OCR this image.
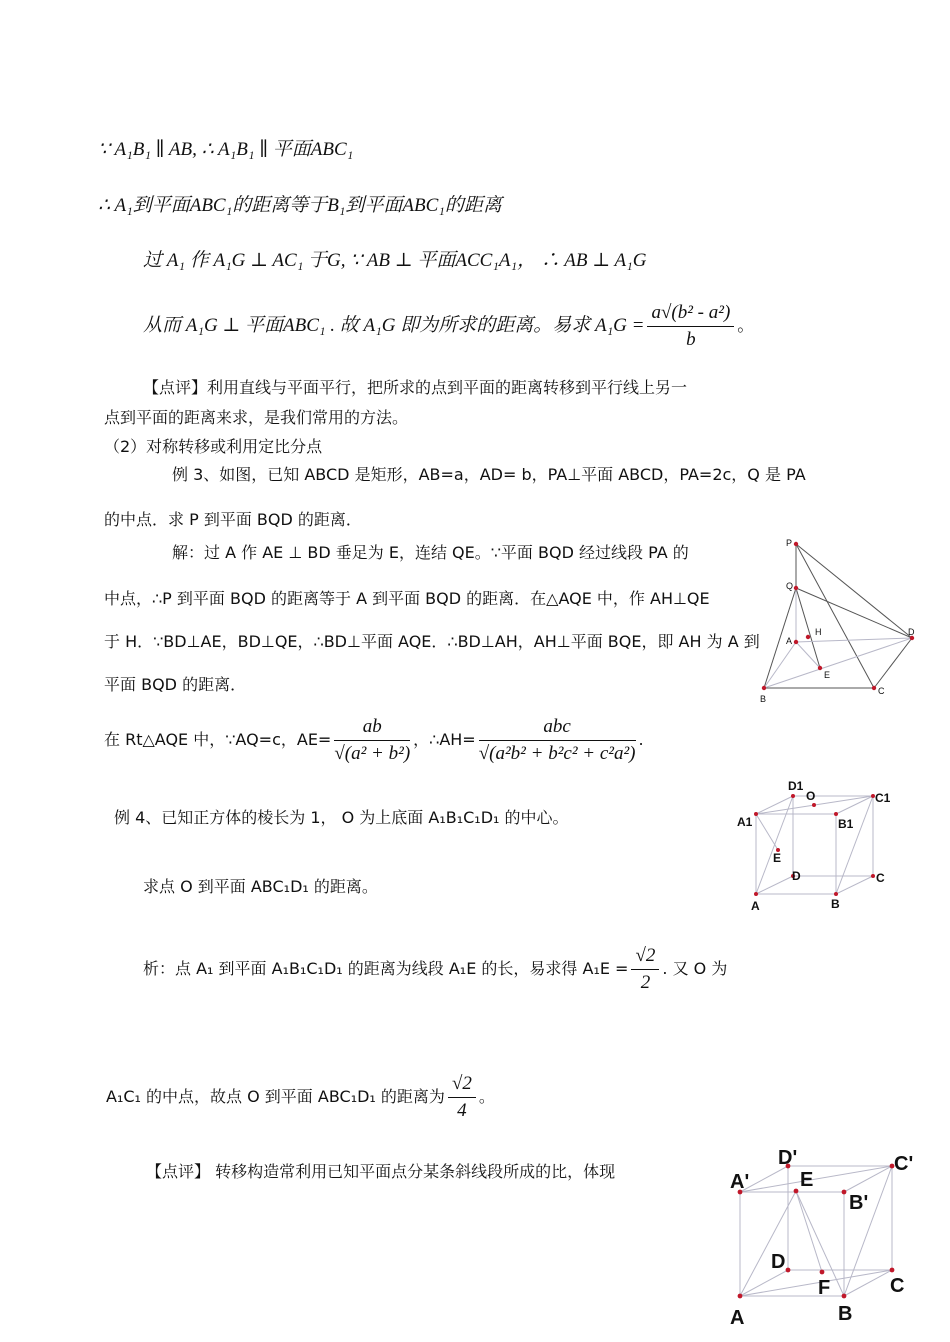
∵ A₁B₁ ∥ AB, ∴ A₁B₁ ∥ 平面ABC₁
∴ A₁到平面ABC₁的距离等于B₁到平面ABC₁的距离
过 A₁ 作 A₁G ⊥ AC₁ 于G, ∵ AB ⊥ 平面ACC₁A₁， ∴ AB ⊥ A₁G
从而 A₁G ⊥ 平面ABC₁ . 故 A₁G 即为所求的距离。易求 $A_1G = \frac{\text{a√(b² - a²)}}{b}$ 。
【点评】利用直线与平面平行，把所求的点到平面的距离转移到平行线上另一
点到平面的距离来求，是我们常用的方法。
（2）对称转移或利用定比分点
例 3、如图，已知 ABCD 是矩形，AB=a，AD= b，PA⊥平面 ABCD，PA=2c，Q 是 PA
的中点．求 P 到平面 BQD 的距离．
解：过 A 作 AE ⊥ BD 垂足为 E，连结 QE。∵平面 BQD 经过线段 PA 的
中点，∴P 到平面 BQD 的距离等于 A 到平面 BQD 的距离．在△AQE 中，作 AH⊥QE
于 H．∵BD⊥AE，BD⊥QE，∴BD⊥平面 AQE．∴BD⊥AH，AH⊥平面 BQE，即 AH 为 A 到
平面 BQD 的距离．
在 Rt△AQE 中，∵AQ=c，$AE= \frac{ab}{\text{√(a² + b²)}}$ ，∴AH= $\frac{\text{abc}}{\text{√(a²b² + b²c² + c²a²)}}$ .
例 4、已知正方体的棱长为 1， O 为上底面 A₁B₁C₁D₁ 的中心。
求点 O 到平面 ABC₁D₁ 的距离。
析：点 A₁ 到平面 A₁B₁C₁D₁ 的距离为线段 A₁E 的长，易求得 $A_1E = \frac{√2}{2}$ . 又 O 为
A₁C₁ 的中点，故点 O 到平面 ABC₁D₁ 的距离为 $\frac{√2}{4}$ 。
【点评】 转移构造常利用已知平面点分某条斜线段所成的比，体现
P
Q
H
A
D
E
B
C
D1
O	C1
A1	B1
E
D	C
A	B
D'	C'
A'	E
B'
D
F	C
A	B
